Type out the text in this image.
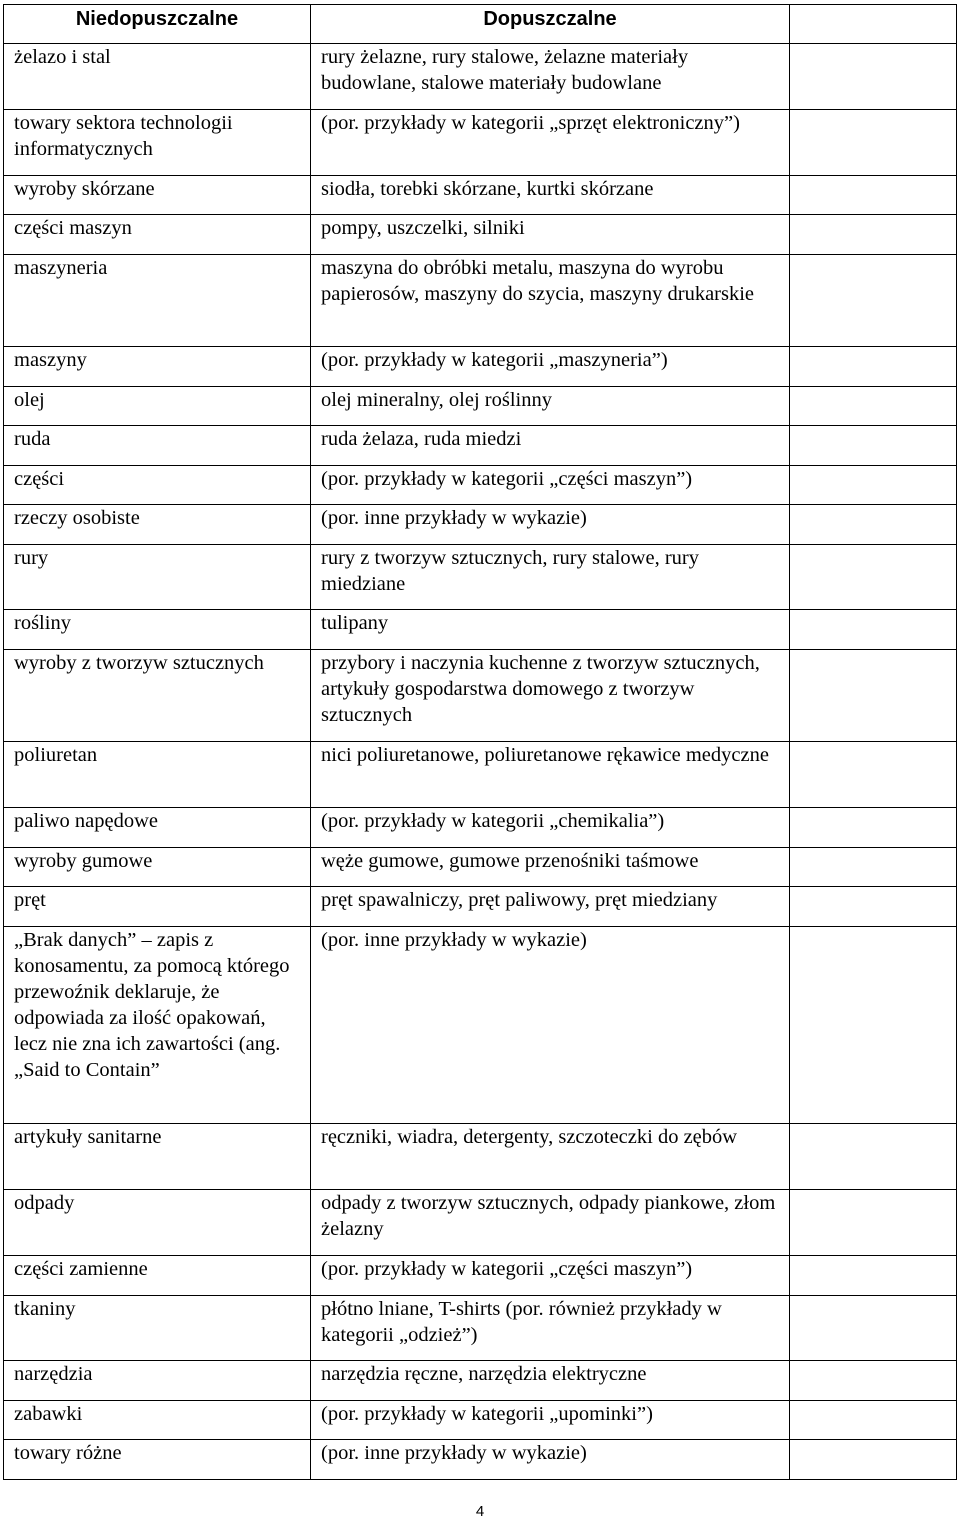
Niedopuszczalne	Dopuszczalne	

żelazo i stal	rury żelazne, rury stalowe, żelazne materiały budowlane, stalowe materiały budowlane	

towary sektora technologii informatycznych	(por. przykłady w kategorii „sprzęt elektroniczny”)	

wyroby skórzane	siodła, torebki skórzane, kurtki skórzane	

części maszyn	pompy, uszczelki, silniki	

maszyneria	maszyna do obróbki metalu, maszyna do wyrobu papierosów, maszyny do szycia, maszyny drukarskie	

maszyny	(por. przykłady w kategorii „maszyneria”)	

olej	olej mineralny, olej roślinny	

ruda	ruda żelaza, ruda miedzi	

części	(por. przykłady w kategorii „części maszyn”)	

rzeczy osobiste	(por. inne przykłady w wykazie)	

rury	rury z tworzyw sztucznych, rury stalowe, rury miedziane	

rośliny	tulipany	

wyroby z tworzyw sztucznych	przybory i naczynia kuchenne z tworzyw sztucznych, artykuły gospodarstwa domowego z tworzyw sztucznych	

poliuretan	nici poliuretanowe, poliuretanowe rękawice medyczne	

paliwo napędowe	(por. przykłady w kategorii „chemikalia”)	

wyroby gumowe	węże gumowe, gumowe przenośniki taśmowe	

pręt	pręt spawalniczy, pręt paliwowy, pręt miedziany	

„Brak danych” – zapis z konosamentu, za pomocą którego przewoźnik deklaruje, że odpowiada za ilość opakowań, lecz nie zna ich zawartości (ang. „Said to Contain”	(por. inne przykłady w wykazie)	

artykuły sanitarne	ręczniki, wiadra, detergenty, szczoteczki do zębów	

odpady	odpady z tworzyw sztucznych, odpady piankowe, złom żelazny	

części zamienne	(por. przykłady w kategorii „części maszyn”)	

tkaniny	płótno lniane, T-shirts (por. również przykłady w kategorii „odzież”)	

narzędzia	narzędzia ręczne, narzędzia elektryczne	

zabawki	(por. przykłady w kategorii „upominki”)	

towary różne	(por. inne przykłady w wykazie)	

4
